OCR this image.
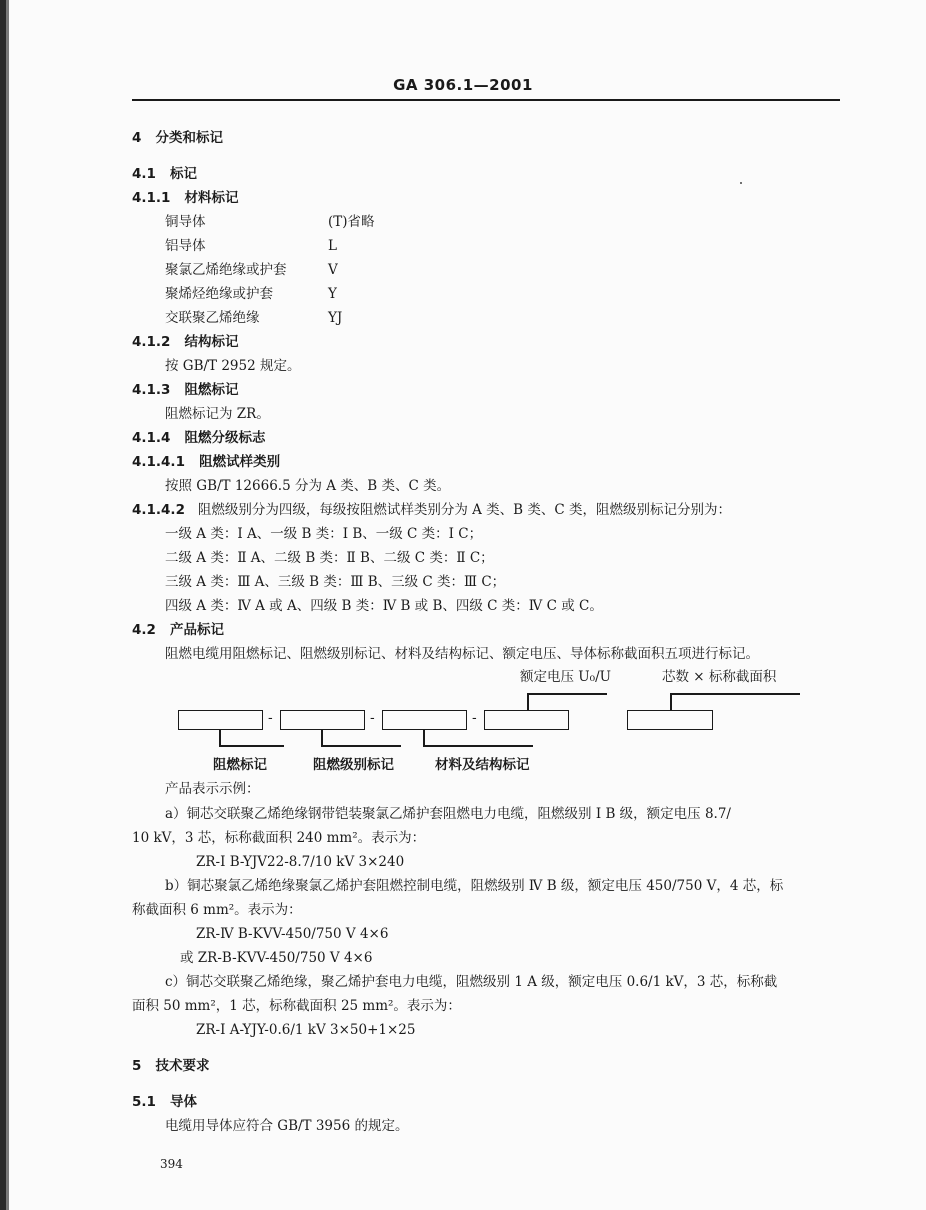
GA 306.1—2001
4 分类和标记
4.1 标记
4.1.1 材料标记
铜导体	(T)省略
铝导体	L
聚氯乙烯绝缘或护套	V
聚烯烃绝缘或护套	Y
交联聚乙烯绝缘	YJ
4.1.2 结构标记
按 GB/T 2952 规定。
4.1.3 阻燃标记
阻燃标记为 ZR。
4.1.4 阻燃分级标志
4.1.4.1 阻燃试样类别
按照 GB/T 12666.5 分为 A 类、B 类、C 类。
4.1.4.2 阻燃级别分为四级，每级按阻燃试样类别分为 A 类、B 类、C 类，阻燃级别标记分别为：
一级 A 类：Ⅰ A、一级 B 类：Ⅰ B、一级 C 类：Ⅰ C；
二级 A 类：Ⅱ A、二级 B 类：Ⅱ B、二级 C 类：Ⅱ C；
三级 A 类：Ⅲ A、三级 B 类：Ⅲ B、三级 C 类：Ⅲ C；
四级 A 类：Ⅳ A 或 A、四级 B 类：Ⅳ B 或 B、四级 C 类：Ⅳ C 或 C。
4.2 产品标记
阻燃电缆用阻燃标记、阻燃级别标记、材料及结构标记、额定电压、导体标称截面积五项进行标记。
额定电压 U₀/U	芯数 × 标称截面积
-	-	-
阻燃标记	阻燃级别标记	材料及结构标记
产品表示示例：
a）铜芯交联聚乙烯绝缘钢带铠装聚氯乙烯护套阻燃电力电缆，阻燃级别 Ⅰ B 级，额定电压 8.7/
10 kV，3 芯，标称截面积 240 mm²。表示为：
ZR-Ⅰ B-YJV22-8.7/10 kV 3×240
b）铜芯聚氯乙烯绝缘聚氯乙烯护套阻燃控制电缆，阻燃级别 Ⅳ B 级，额定电压 450/750 V，4 芯，标
称截面积 6 mm²。表示为：
ZR-Ⅳ B-KVV-450/750 V 4×6
或 ZR-B-KVV-450/750 V 4×6
c）铜芯交联聚乙烯绝缘，聚乙烯护套电力电缆，阻燃级别 1 A 级，额定电压 0.6/1 kV，3 芯，标称截
面积 50 mm²，1 芯，标称截面积 25 mm²。表示为：
ZR-Ⅰ A-YJY-0.6/1 kV 3×50+1×25
5 技术要求
5.1 导体
电缆用导体应符合 GB/T 3956 的规定。
394
